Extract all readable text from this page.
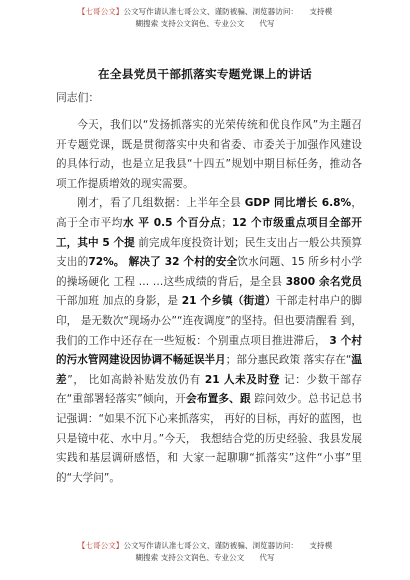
【七哥公文】公文写作请认准七哥公文、谨防被骗、浏览器访问：　　支持模
糊搜索 支持公文润色、专业公文　　代写
在全县党员干部抓落实专题党课上的讲话
同志们：

今天，我们以“发扬抓落实的光荣传统和优良作风”为主题召开专题党课，既是贯彻落实中央和省委、市委关于加强作风建设的具体行动，也是立足我县“十四五”规划中期目标任务，推动各项工作提质增效的现实需要。

刚才，看了几组数据：上半年全县 GDP 同比增长 6.8%，高于全市平均水 平 0.5 个百分点；12 个市级重点项目全部开工，其中 5 个提 前完成年度投资计划；民生支出占一般公共预算支出的72%。 解决了 32 个村的安全饮水问题、15 所乡村小学的操场硬化 工程 … …这些成绩的背后，是全县 3800 余名党员干部加班 加点的身影，是 21 个乡镇（街道）干部走村串户的脚印， 是无数次“现场办公”“连夜调度”的坚持。但也要清醒看 到，我们的工作中还存在一些短板：个别重点项目推进滞后， 3 个村的污水管网建设因协调不畅延误半月；部分惠民政策 落实存在“温差”， 比如高龄补贴发放仍有 21 人未及时登 记：少数干部存在“重部署轻落实”倾向，开会布置多、跟 踪问效少。总书记总书记强调：“如果不沉下心来抓落实， 再好的目标，再好的蓝图，也只是镜中花、水中月。”今天， 我想结合党的历史经验、我县发展实践和基层调研感悟，和 大家一起聊聊“抓落实”这件“小事”里的“大学问”。

【七哥公文】公文写作请认准七哥公文、谨防被骗、浏览器访问：　　支持模
糊搜索 支持公文润色、专业公文　　代写
